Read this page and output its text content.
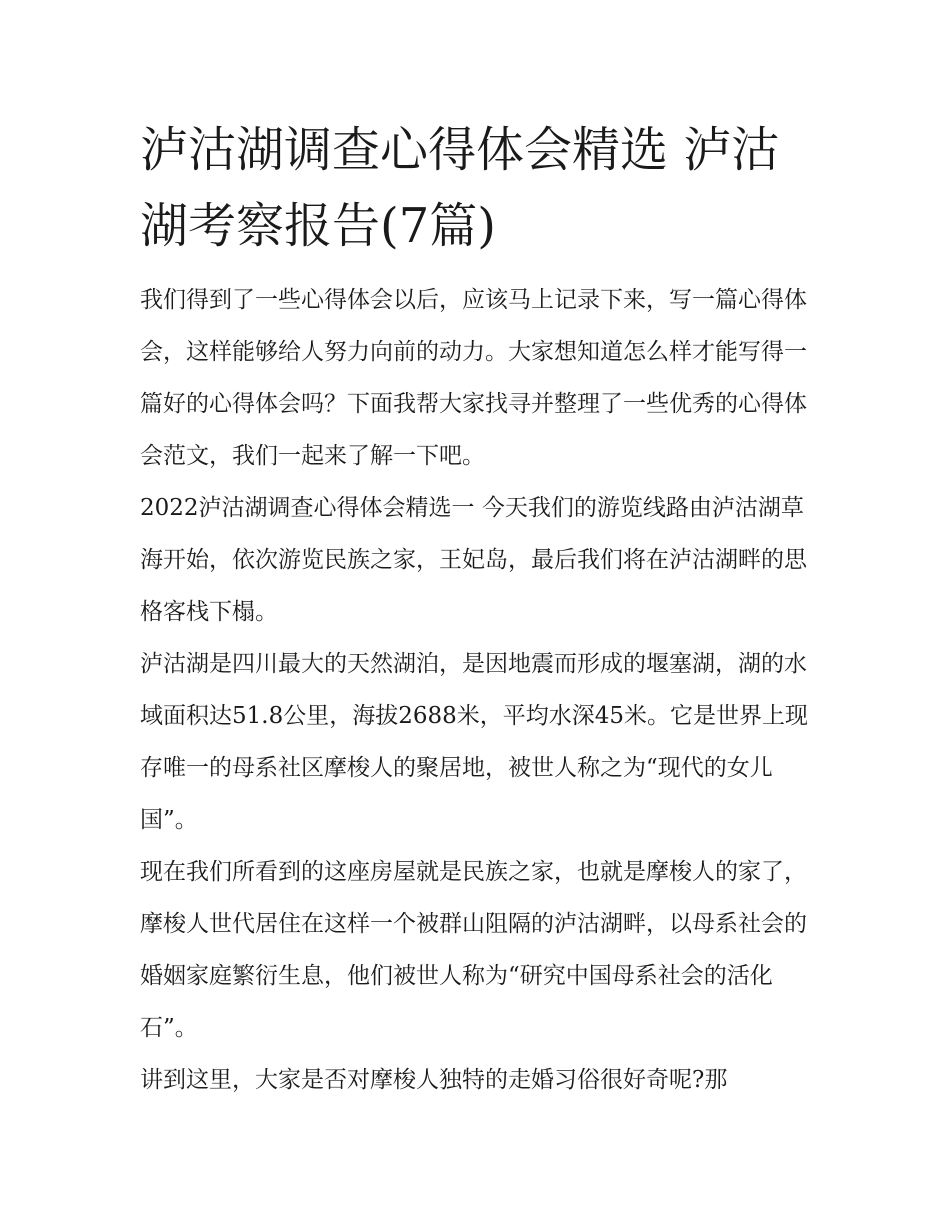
泸沽湖调查心得体会精选 泸沽湖考察报告(7篇)

我们得到了一些心得体会以后，应该马上记录下来，写一篇心得体会，这样能够给人努力向前的动力。大家想知道怎么样才能写得一篇好的心得体会吗？下面我帮大家找寻并整理了一些优秀的心得体会范文，我们一起来了解一下吧。

2022泸沽湖调查心得体会精选一 今天我们的游览线路由泸沽湖草海开始，依次游览民族之家，王妃岛，最后我们将在泸沽湖畔的思格客栈下榻。

泸沽湖是四川最大的天然湖泊，是因地震而形成的堰塞湖，湖的水域面积达51.8公里，海拔2688米，平均水深45米。它是世界上现存唯一的母系社区摩梭人的聚居地，被世人称之为“现代的女儿国”。

现在我们所看到的这座房屋就是民族之家，也就是摩梭人的家了，摩梭人世代居住在这样一个被群山阻隔的泸沽湖畔，以母系社会的婚姻家庭繁衍生息，他们被世人称为“研究中国母系社会的活化石”。

讲到这里，大家是否对摩梭人独特的走婚习俗很好奇呢?那
